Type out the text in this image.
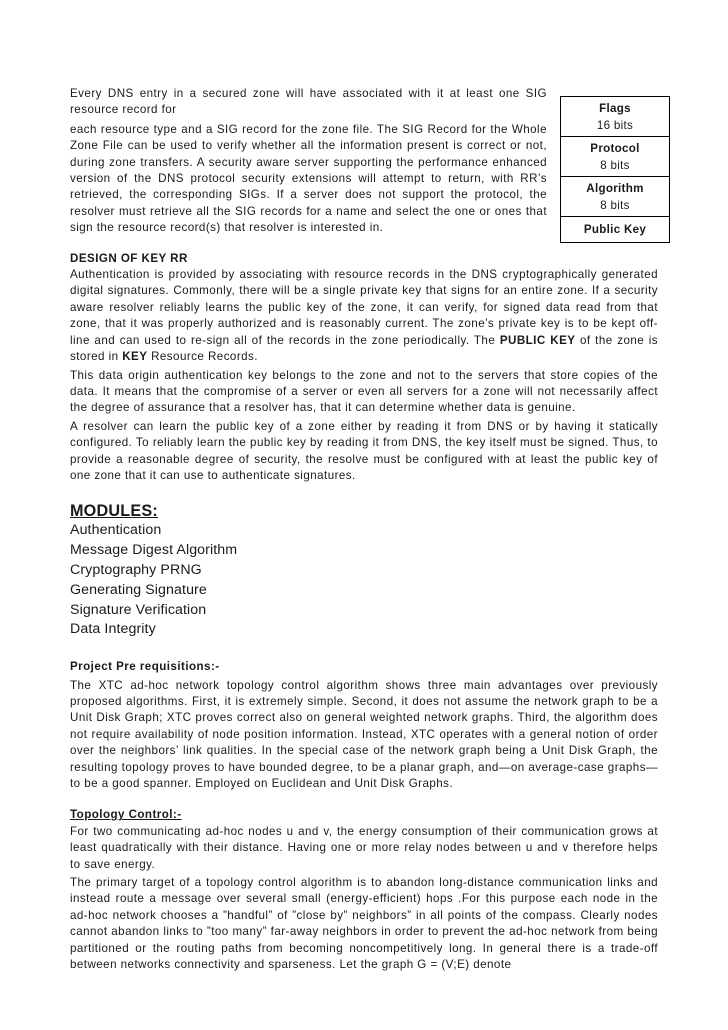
Flags
16 bits
Protocol
8 bits
Algorithm
8 bits
Public Key

Every DNS entry in a secured zone will have associated with it at least one SIG resource record for

each resource type and a SIG record for the zone file. The SIG Record for the Whole Zone File can be used to verify whether all the information present is correct or not, during zone transfers. A security aware server supporting the performance enhanced version of the DNS protocol security extensions will attempt to return, with RR’s retrieved, the corresponding SIGs. If a server does not support the protocol, the resolver must retrieve all the SIG records for a name and select the one or ones that sign the resource record(s) that resolver is interested in.

DESIGN OF KEY RR

Authentication is provided by associating with resource records in the DNS cryptographically generated digital signatures. Commonly, there will be a single private key that signs for an entire zone. If a security aware resolver reliably learns the public key of the zone, it can verify, for signed data read from that zone, that it was properly authorized and is reasonably current. The zone’s private key is to be kept off-line and can used to re-sign all of the records in the zone periodically. The PUBLIC KEY of the zone is stored in KEY Resource Records.

This data origin authentication key belongs to the zone and not to the servers that store copies of the data. It means that the compromise of a server or even all servers for a zone will not necessarily affect the degree of assurance that a resolver has, that it can determine whether data is genuine.

A resolver can learn the public key of a zone either by reading it from DNS or by having it statically configured. To reliably learn the public key by reading it from DNS, the key itself must be signed. Thus, to provide a reasonable degree of security, the resolve must be configured with at least the public key of one zone that it can use to authenticate signatures.

MODULES:

Authentication
Message Digest Algorithm
Cryptography PRNG
Generating Signature
Signature Verification
Data Integrity

Project Pre requisitions:-

The XTC ad-hoc network topology control algorithm shows three main advantages over previously proposed algorithms. First, it is extremely simple. Second, it does not assume the network graph to be a Unit Disk Graph; XTC proves correct also on general weighted network graphs. Third, the algorithm does not require availability of node position information. Instead, XTC operates with a general notion of order over the neighbors’ link qualities. In the special case of the network graph being a Unit Disk Graph, the resulting topology proves to have bounded degree, to be a planar graph, and—on average-case graphs—to be a good spanner. Employed on Euclidean and Unit Disk Graphs.

Topology Control:-

For two communicating ad-hoc nodes u and v, the energy consumption of their communication grows at least quadratically with their distance. Having one or more relay nodes between u and v therefore helps to save energy.

The primary target of a topology control algorithm is to abandon long-distance communication links and instead route a message over several small (energy-efficient) hops .For this purpose each node in the ad-hoc network chooses a ”handful” of ”close by” neighbors” in all points of the compass. Clearly nodes cannot abandon links to ”too many” far-away neighbors in order to prevent the ad-hoc network from being partitioned or the routing paths from becoming noncompetitively long. In general there is a trade-off between networks connectivity and sparseness. Let the graph G = (V;E) denote
